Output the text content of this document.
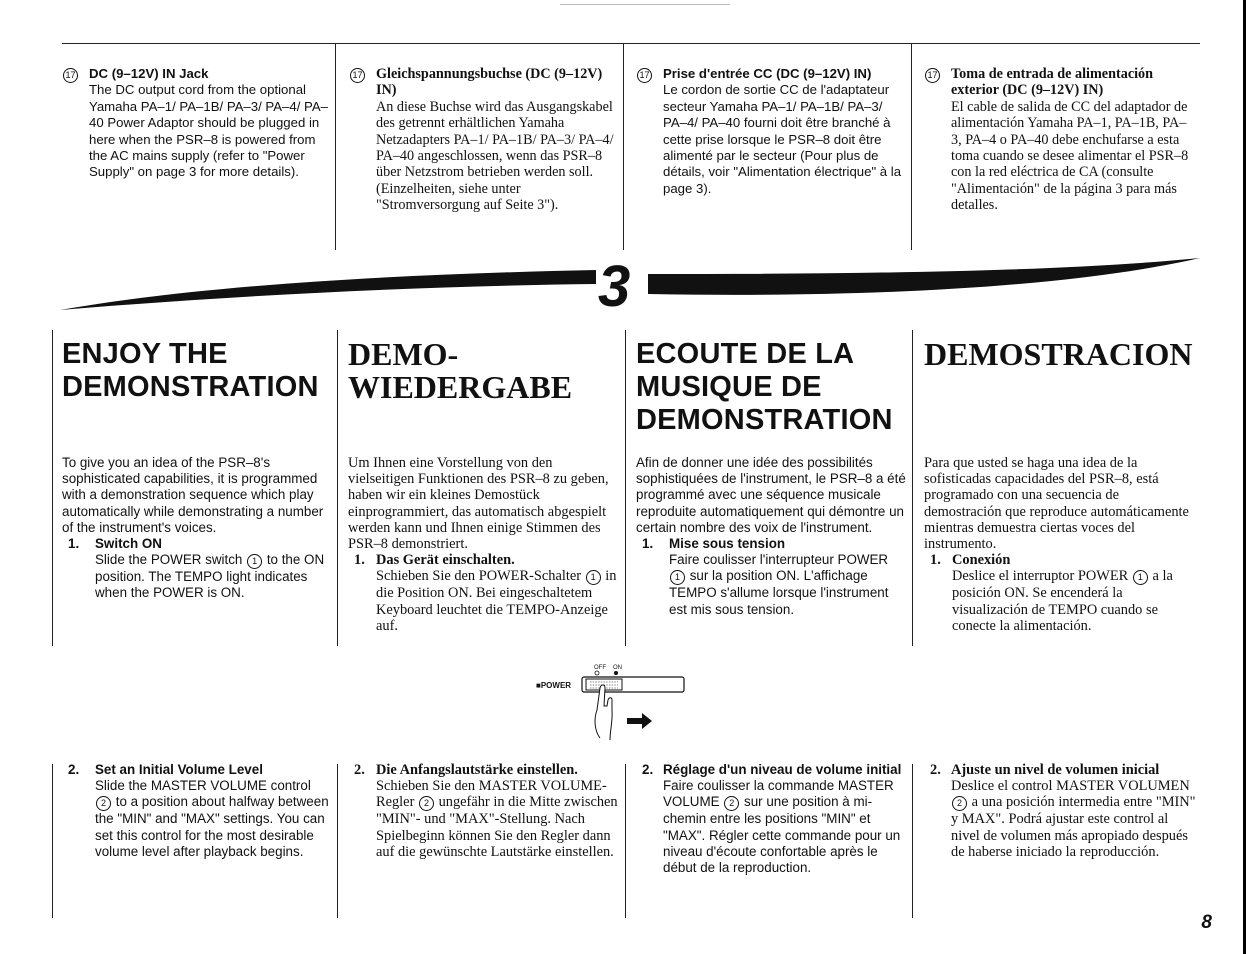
17	DC (9–12V) IN Jack
The DC output cord from the optional Yamaha PA–1/ PA–1B/ PA–3/ PA–4/ PA–40 Power Adaptor should be plugged in here when the PSR–8 is powered from the AC mains supply (refer to "Power Supply" on page 3 for more details).
17 Gleichspannungsbuchse (DC (9–12V) IN)
An diese Buchse wird das Ausgangskabel des getrennt erhältlichen Yamaha Netzadapters PA–1/ PA–1B/ PA–3/ PA–4/ PA–40 angeschlossen, wenn das PSR–8 über Netzstrom betrieben werden soll. (Einzelheiten, siehe unter "Stromversorgung auf Seite 3").
17	Prise d'entrée CC (DC (9–12V) IN)
Le cordon de sortie CC de l'adaptateur secteur Yamaha PA–1/ PA–1B/ PA–3/ PA–4/ PA–40 fourni doit être branché à cette prise lorsque le PSR–8 doit être alimenté par le secteur (Pour plus de détails, voir "Alimentation électrique" à la page 3).
17 Toma de entrada de alimentación exterior (DC (9–12V) IN)
El cable de salida de CC del adaptador de alimentación Yamaha PA–1, PA–1B, PA–3, PA–4 o PA–40 debe enchufarse a esta toma cuando se desee alimentar el PSR–8 con la red eléctrica de CA (consulte "Alimentación" de la página 3 para más detalles.
3
ENJOY THE
DEMONSTRATION
DEMO-
WIEDERGABE
ECOUTE DE LA
MUSIQUE DE
DEMONSTRATION
DEMOSTRACION
To give you an idea of the PSR–8's sophisticated capabilities, it is programmed with a demonstration sequence which play automatically while demonstrating a number of the instrument's voices.
1.	Switch ON
Slide the POWER switch 1 to the ON position. The TEMPO light indicates when the POWER is ON.
Um Ihnen eine Vorstellung von den vielseitigen Funktionen des PSR–8 zu geben, haben wir ein kleines Demostück einprogrammiert, das automatisch abgespielt werden kann und Ihnen einige Stimmen des PSR–8 demonstriert.
1. Das Gerät einschalten.
Schieben Sie den POWER-Schalter 1 in die Position ON. Bei eingeschaltetem Keyboard leuchtet die TEMPO-Anzeige auf.
Afin de donner une idée des possibilités sophistiquées de l'instrument, le PSR–8 a été programmé avec une séquence musicale reproduite automatiquement qui démontre un certain nombre des voix de l'instrument.
1.	Mise sous tension
Faire coulisser l'interrupteur POWER 1 sur la position ON. L'affichage TEMPO s'allume lorsque l'instrument est mis sous tension.
Para que usted se haga una idea de la sofisticadas capacidades del PSR–8, está programado con una secuencia de demostración que reproduce automáticamente mientras demuestra ciertas voces del instrumento.
1. Conexión
Deslice el interruptor POWER 1 a la posición ON. Se encenderá la visualización de TEMPO cuando se conecte la alimentación.
OFF ON
■POWER
2.	Set an Initial Volume Level
Slide the MASTER VOLUME control 2 to a position about halfway between the "MIN" and "MAX" settings. You can set this control for the most desirable volume level after playback begins.
2. Die Anfangslautstärke einstellen.
Schieben Sie den MASTER VOLUME-Regler 2 ungefähr in die Mitte zwischen "MIN"- und "MAX"-Stellung. Nach Spielbeginn können Sie den Regler dann auf die gewünschte Lautstärke einstellen.
2. Réglage d'un niveau de volume initial
Faire coulisser la commande MASTER VOLUME 2 sur une position à mi-chemin entre les positions "MIN" et "MAX". Régler cette commande pour un niveau d'écoute confortable après le début de la reproduction.
2. Ajuste un nivel de volumen inicial
Deslice el control MASTER VOLUMEN 2 a una posición intermedia entre "MIN" y MAX". Podrá ajustar este control al nivel de volumen más apropiado después de haberse iniciado la reproducción.
8
